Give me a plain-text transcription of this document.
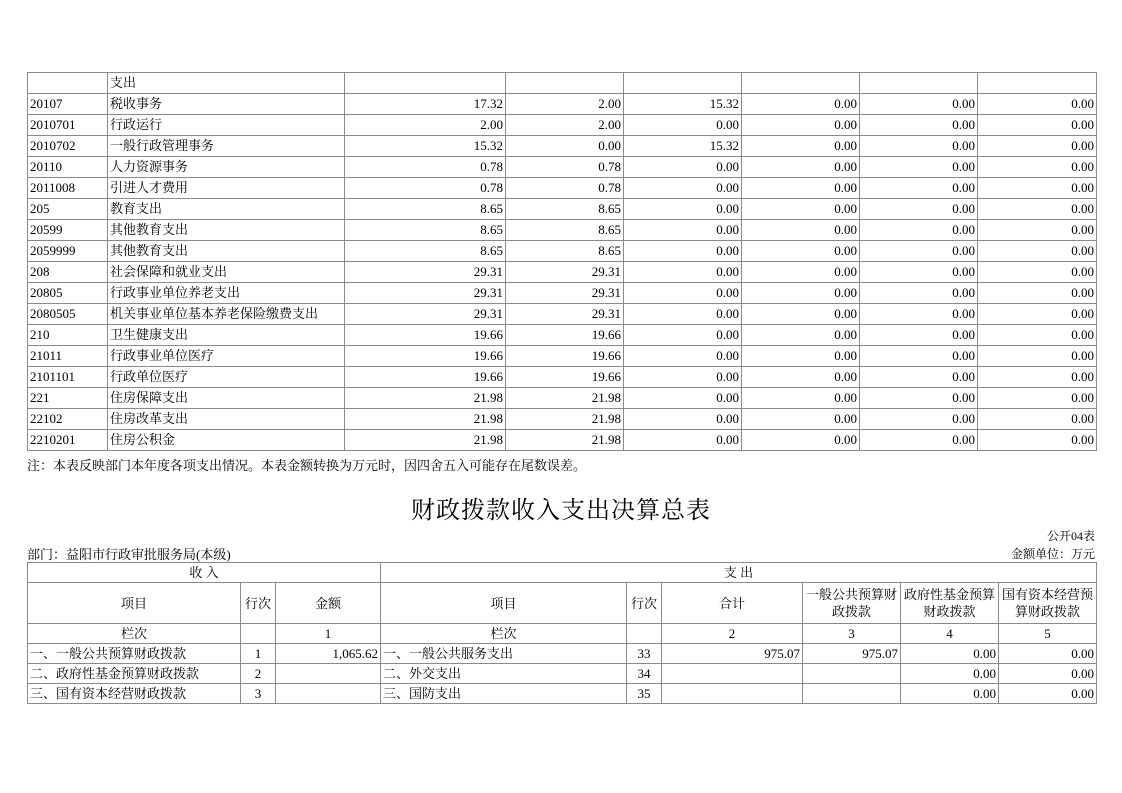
	支出						
20107	税收事务	17.32	2.00	15.32	0.00	0.00	0.00
2010701	行政运行	2.00	2.00	0.00	0.00	0.00	0.00
2010702	一般行政管理事务	15.32	0.00	15.32	0.00	0.00	0.00
20110	人力资源事务	0.78	0.78	0.00	0.00	0.00	0.00
2011008	引进人才费用	0.78	0.78	0.00	0.00	0.00	0.00
205	教育支出	8.65	8.65	0.00	0.00	0.00	0.00
20599	其他教育支出	8.65	8.65	0.00	0.00	0.00	0.00
2059999	其他教育支出	8.65	8.65	0.00	0.00	0.00	0.00
208	社会保障和就业支出	29.31	29.31	0.00	0.00	0.00	0.00
20805	行政事业单位养老支出	29.31	29.31	0.00	0.00	0.00	0.00
2080505	机关事业单位基本养老保险缴费支出	29.31	29.31	0.00	0.00	0.00	0.00
210	卫生健康支出	19.66	19.66	0.00	0.00	0.00	0.00
21011	行政事业单位医疗	19.66	19.66	0.00	0.00	0.00	0.00
2101101	行政单位医疗	19.66	19.66	0.00	0.00	0.00	0.00
221	住房保障支出	21.98	21.98	0.00	0.00	0.00	0.00
22102	住房改革支出	21.98	21.98	0.00	0.00	0.00	0.00
2210201	住房公积金	21.98	21.98	0.00	0.00	0.00	0.00
注：本表反映部门本年度各项支出情况。本表金额转换为万元时，因四舍五入可能存在尾数误差。
财政拨款收入支出决算总表
公开04表
金额单位：万元
部门：益阳市行政审批服务局(本级)
收 入			支 出					
项目	行次	金额	项目	行次	合计	一般公共预算财政拨款	政府性基金预算财政拨款	国有资本经营预算财政拨款
栏次		1	栏次		2	3	4	5
一、一般公共预算财政拨款	1	1,065.62	一、一般公共服务支出	33	975.07	975.07	0.00	0.00
二、政府性基金预算财政拨款	2		二、外交支出	34			0.00	0.00
三、国有资本经营财政拨款	3		三、国防支出	35			0.00	0.00
